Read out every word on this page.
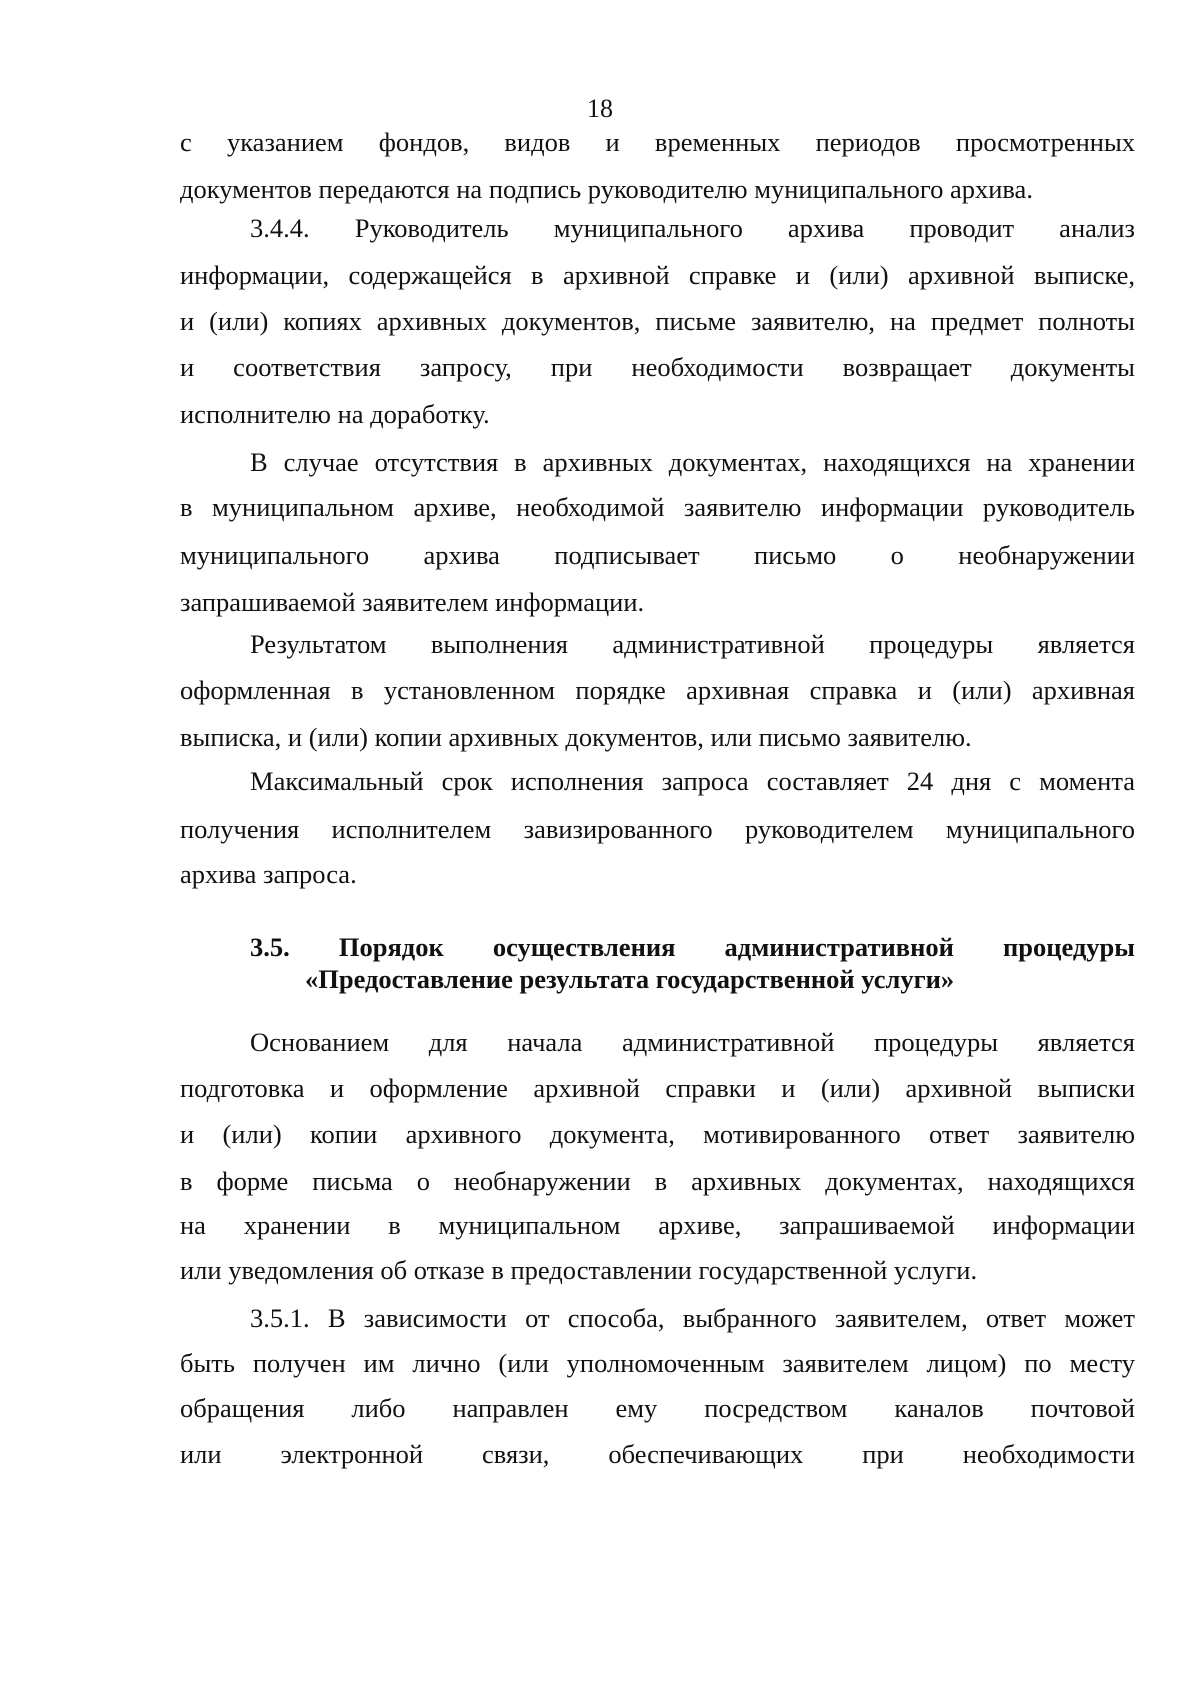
18
с указанием фондов, видов и временных периодов просмотренных
документов передаются на подпись руководителю муниципального архива.
3.4.4. Руководитель муниципального архива проводит анализ
информации, содержащейся в архивной справке и (или) архивной выписке,
и (или) копиях архивных документов, письме заявителю, на предмет полноты
и соответствия запросу, при необходимости возвращает документы
исполнителю на доработку.
В случае отсутствия в архивных документах, находящихся на хранении
в муниципальном архиве, необходимой заявителю информации руководитель
муниципального архива подписывает письмо о необнаружении
запрашиваемой заявителем информации.
Результатом выполнения административной процедуры является
оформленная в установленном порядке архивная справка и (или) архивная
выписка, и (или) копии архивных документов, или письмо заявителю.
Максимальный срок исполнения запроса составляет 24 дня с момента
получения исполнителем завизированного руководителем муниципального
архива запроса.
3.5. Порядок осуществления административной процедуры
«Предоставление результата государственной услуги»
Основанием для начала административной процедуры является
подготовка и оформление архивной справки и (или) архивной выписки
и (или) копии архивного документа, мотивированного ответ заявителю
в форме письма о необнаружении в архивных документах, находящихся
на хранении в муниципальном архиве, запрашиваемой информации
или уведомления об отказе в предоставлении государственной услуги.
3.5.1. В зависимости от способа, выбранного заявителем, ответ может
быть получен им лично (или уполномоченным заявителем лицом) по месту
обращения либо направлен ему посредством каналов почтовой
или электронной связи, обеспечивающих при необходимости
